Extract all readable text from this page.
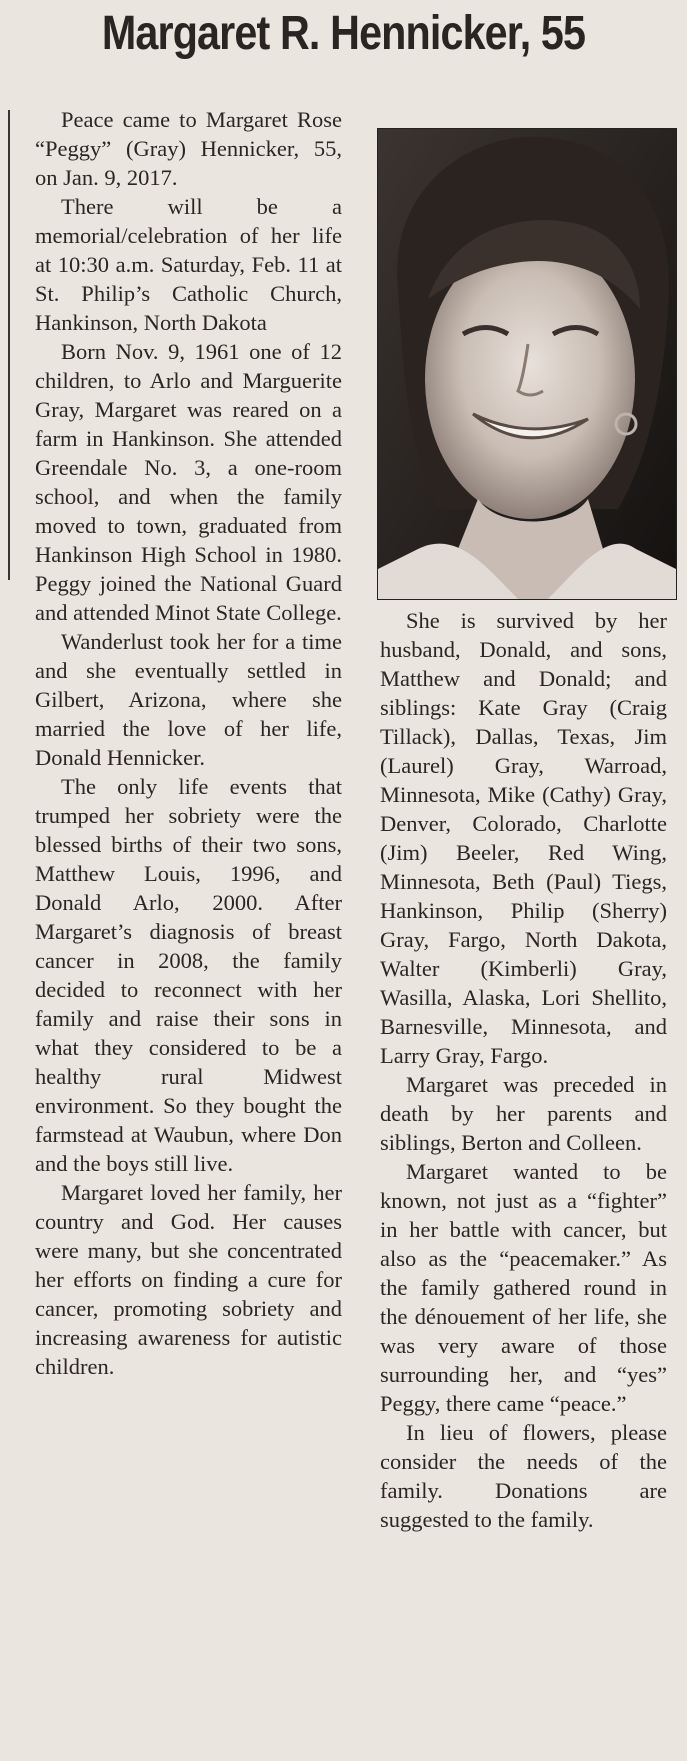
Margaret R. Hennicker, 55

Peace came to Margaret Rose “Peggy” (Gray) Hennicker, 55, on Jan. 9, 2017.

There will be a memorial/celebration of her life at 10:30 a.m. Saturday, Feb. 11 at St. Philip’s Catholic Church, Hankinson, North Dakota

Born Nov. 9, 1961 one of 12 children, to Arlo and Marguerite Gray, Margaret was reared on a farm in Hankinson. She attended Greendale No. 3, a one-room school, and when the family moved to town, graduated from Hankinson High School in 1980. Peggy joined the National Guard and attended Minot State College.

Wanderlust took her for a time and she eventually settled in Gilbert, Arizona, where she married the love of her life, Donald Hennicker.

The only life events that trumped her sobriety were the blessed births of their two sons, Matthew Louis, 1996, and Donald Arlo, 2000. After Margaret’s diagnosis of breast cancer in 2008, the family decided to reconnect with her family and raise their sons in what they considered to be a healthy rural Midwest environment. So they bought the farmstead at Waubun, where Don and the boys still live.

Margaret loved her family, her country and God. Her causes were many, but she concentrated her efforts on finding a cure for cancer, promoting sobriety and increasing awareness for autistic children.

She is survived by her husband, Donald, and sons, Matthew and Donald; and siblings: Kate Gray (Craig Tillack), Dallas, Texas, Jim (Laurel) Gray, Warroad, Minnesota, Mike (Cathy) Gray, Denver, Colorado, Charlotte (Jim) Beeler, Red Wing, Minnesota, Beth (Paul) Tiegs, Hankinson, Philip (Sherry) Gray, Fargo, North Dakota, Walter (Kimberli) Gray, Wasilla, Alaska, Lori Shellito, Barnesville, Minnesota, and Larry Gray, Fargo.

Margaret was preceded in death by her parents and siblings, Berton and Colleen.

Margaret wanted to be known, not just as a “fighter” in her battle with cancer, but also as the “peacemaker.” As the family gathered round in the dénouement of her life, she was very aware of those surrounding her, and “yes” Peggy, there came “peace.”

In lieu of flowers, please consider the needs of the family. Donations are suggested to the family.
